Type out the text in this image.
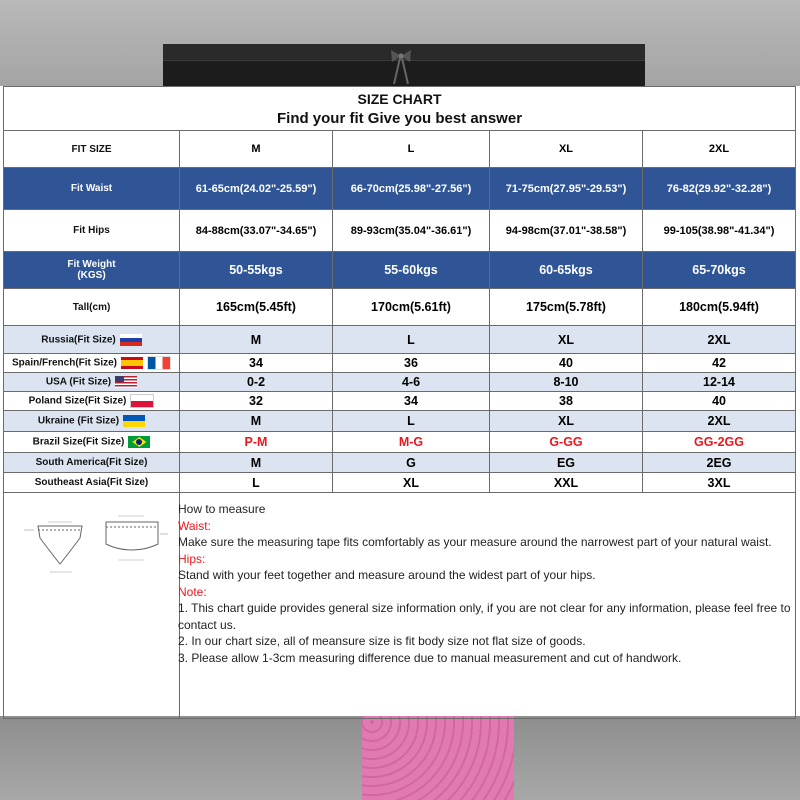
SIZE CHART
Find your fit Give you best answer				

FIT SIZE	M	L	XL	2XL
Fit Waist	61-65cm(24.02"-25.59")	66-70cm(25.98"-27.56")	71-75cm(27.95"-29.53")	76-82(29.92"-32.28")
Fit Hips	84-88cm(33.07"-34.65")	89-93cm(35.04"-36.61")	94-98cm(37.01"-38.58")	99-105(38.98"-41.34")

Fit Weight
(KGS)	50-55kgs	55-60kgs	60-65kgs	65-70kgs
Tall(cm)	165cm(5.45ft)	170cm(5.61ft)	175cm(5.78ft)	180cm(5.94ft)
Russia(Fit Size)	M	L	XL	2XL
Spain/French(Fit Size)	34	36	40	42
USA (Fit Size)	0-2	4-6	8-10	12-14
Poland Size(Fit Size)	32	34	38	40
Ukraine (Fit Size)	M	L	XL	2XL
Brazil Size(Fit Size)	P-M	M-G	G-GG	GG-2GG
South America(Fit Size)	M	G	EG	2EG
Southeast Asia(Fit Size)	L	XL	XXL	3XL

How to measure

Waist:

Make sure the measuring tape fits comfortably as your measure around the narrowest part of your natural waist.

Hips:

Stand with your feet together and measure around the widest part of your hips.

Note:

1. This chart guide provides general size information only, if you are not clear for any information, please feel free to contact us.

2. In our chart size, all of meansure size is fit body size not flat size of goods.

3. Please allow 1-3cm measuring difference due to manual measurement and cut of handwork.
